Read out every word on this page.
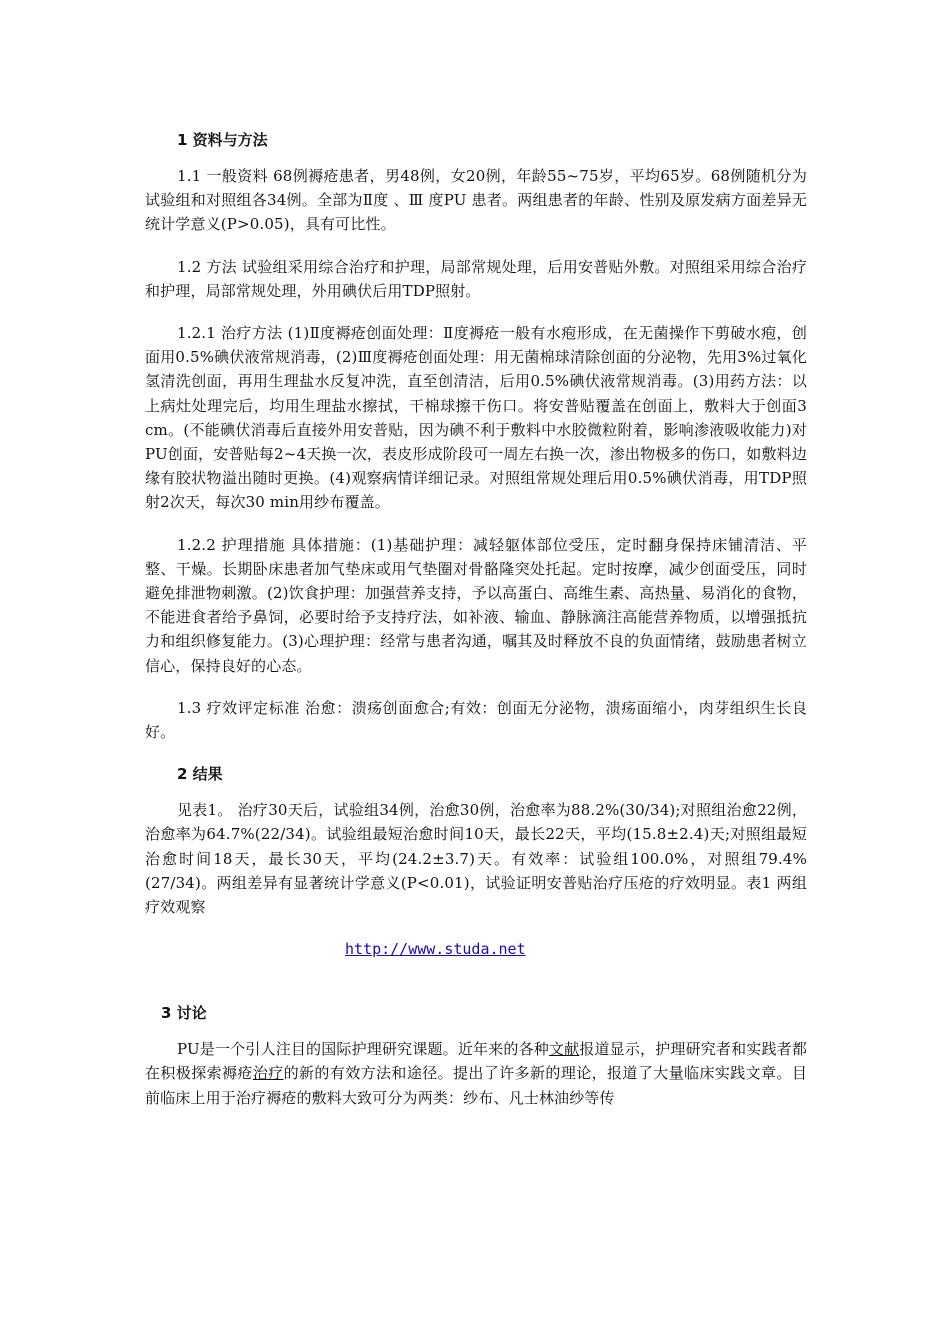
1 资料与方法

1.1 一般资料 68例褥疮患者，男48例，女20例，年龄55~75岁，平均65岁。68例随机分为试验组和对照组各34例。全部为Ⅱ度 、Ⅲ 度PU 患者。两组患者的年龄、性别及原发病方面差异无统计学意义(P>0.05)，具有可比性。

1.2 方法 试验组采用综合治疗和护理，局部常规处理，后用安普贴外敷。对照组采用综合治疗和护理，局部常规处理，外用碘伏后用TDP照射。

1.2.1 治疗方法 (1)Ⅱ度褥疮创面处理：Ⅱ度褥疮一般有水疱形成，在无菌操作下剪破水疱，创面用0.5%碘伏液常规消毒，(2)Ⅲ度褥疮创面处理：用无菌棉球清除创面的分泌物，先用3%过氧化氢清洗创面，再用生理盐水反复冲洗，直至创清洁，后用0.5%碘伏液常规消毒。(3)用药方法：以上病灶处理完后，均用生理盐水擦拭，干棉球擦干伤口。将安普贴覆盖在创面上，敷料大于创面3 cm。(不能碘伏消毒后直接外用安普贴，因为碘不利于敷料中水胶微粒附着，影响渗液吸收能力)对PU创面，安普贴每2~4天换一次，表皮形成阶段可一周左右换一次，渗出物极多的伤口，如敷料边缘有胶状物溢出随时更换。(4)观察病情详细记录。对照组常规处理后用0.5%碘伏消毒，用TDP照射2次天，每次30 min用纱布覆盖。

1.2.2 护理措施 具体措施：(1)基础护理：减轻躯体部位受压，定时翻身保持床铺清洁、平整、干燥。长期卧床患者加气垫床或用气垫圈对骨骼隆突处托起。定时按摩，减少创面受压，同时避免排泄物刺激。(2)饮食护理：加强营养支持，予以高蛋白、高维生素、高热量、易消化的食物，不能进食者给予鼻饲，必要时给予支持疗法，如补液、输血、静脉滴注高能营养物质，以增强抵抗力和组织修复能力。(3)心理护理：经常与患者沟通，嘱其及时释放不良的负面情绪，鼓励患者树立信心，保持良好的心态。

1.3 疗效评定标准 治愈：溃疡创面愈合;有效：创面无分泌物，溃疡面缩小，肉芽组织生长良好。

2 结果

见表1。 治疗30天后，试验组34例，治愈30例，治愈率为88.2%(30/34);对照组治愈22例，治愈率为64.7%(22/34)。试验组最短治愈时间10天，最长22天，平均(15.8±2.4)天;对照组最短治愈时间18天，最长30天，平均(24.2±3.7)天。有效率：试验组100.0%，对照组79.4%(27/34)。两组差异有显著统计学意义(P<0.01)，试验证明安普贴治疗压疮的疗效明显。表1 两组疗效观察

http://www.studa.net
3 讨论

PU是一个引人注目的国际护理研究课题。近年来的各种文献报道显示，护理研究者和实践者都在积极探索褥疮治疗的新的有效方法和途径。提出了许多新的理论，报道了大量临床实践文章。目前临床上用于治疗褥疮的敷料大致可分为两类：纱布、凡士林油纱等传
